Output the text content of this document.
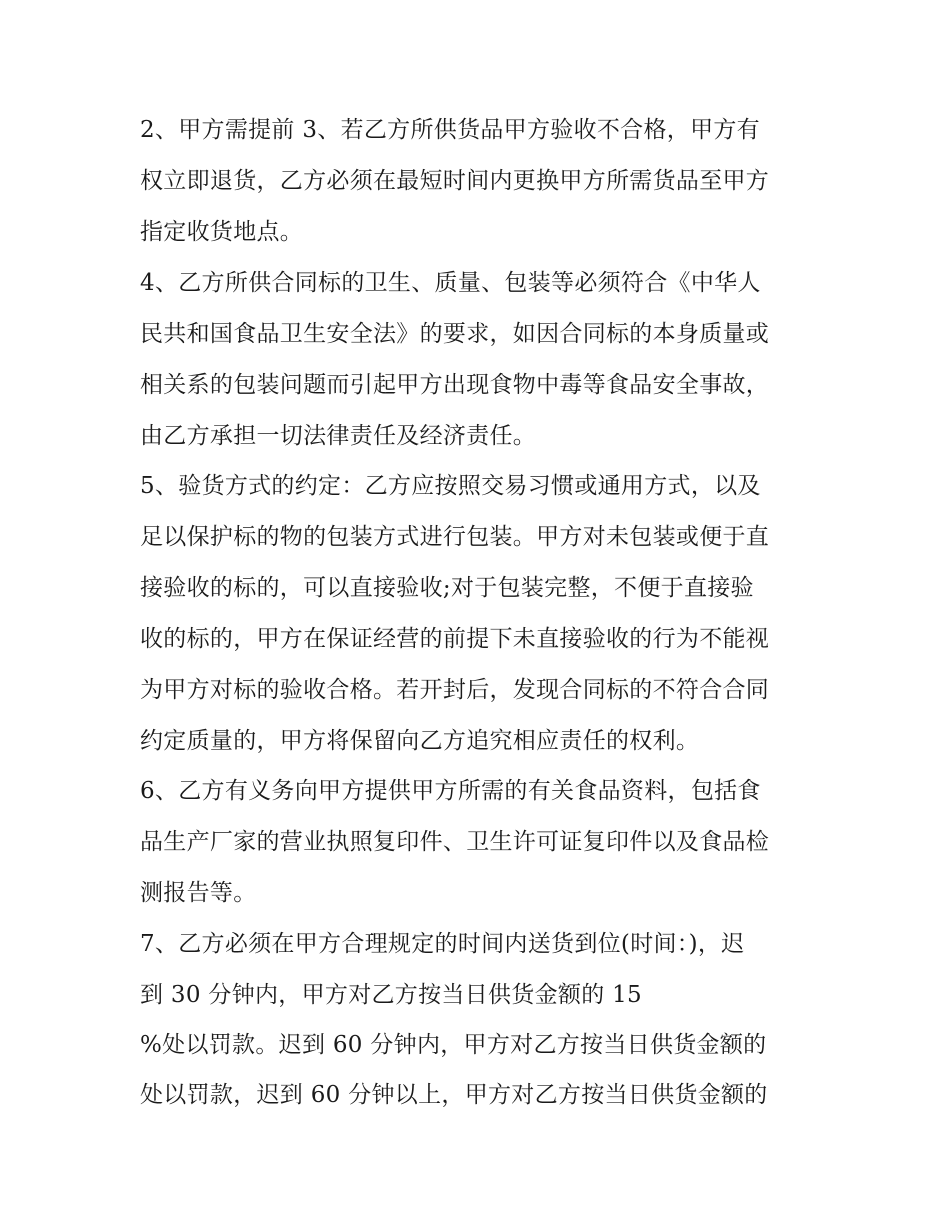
2、甲方需提前 3、若乙方所供货品甲方验收不合格，甲方有

权立即退货，乙方必须在最短时间内更换甲方所需货品至甲方

指定收货地点。

4、乙方所供合同标的卫生、质量、包装等必须符合《中华人

民共和国食品卫生安全法》的要求，如因合同标的本身质量或

相关系的包装问题而引起甲方出现食物中毒等食品安全事故，

由乙方承担一切法律责任及经济责任。

5、验货方式的约定：乙方应按照交易习惯或通用方式，以及

足以保护标的物的包装方式进行包装。甲方对未包装或便于直

接验收的标的，可以直接验收;对于包装完整，不便于直接验

收的标的，甲方在保证经营的前提下未直接验收的行为不能视

为甲方对标的验收合格。若开封后，发现合同标的不符合合同

约定质量的，甲方将保留向乙方追究相应责任的权利。

6、乙方有义务向甲方提供甲方所需的有关食品资料，包括食

品生产厂家的营业执照复印件、卫生许可证复印件以及食品检

测报告等。

7、乙方必须在甲方合理规定的时间内送货到位(时间：)，迟

到 30 分钟内，甲方对乙方按当日供货金额的 15

%处以罚款。迟到 60 分钟内，甲方对乙方按当日供货金额的

处以罚款，迟到 60 分钟以上，甲方对乙方按当日供货金额的
